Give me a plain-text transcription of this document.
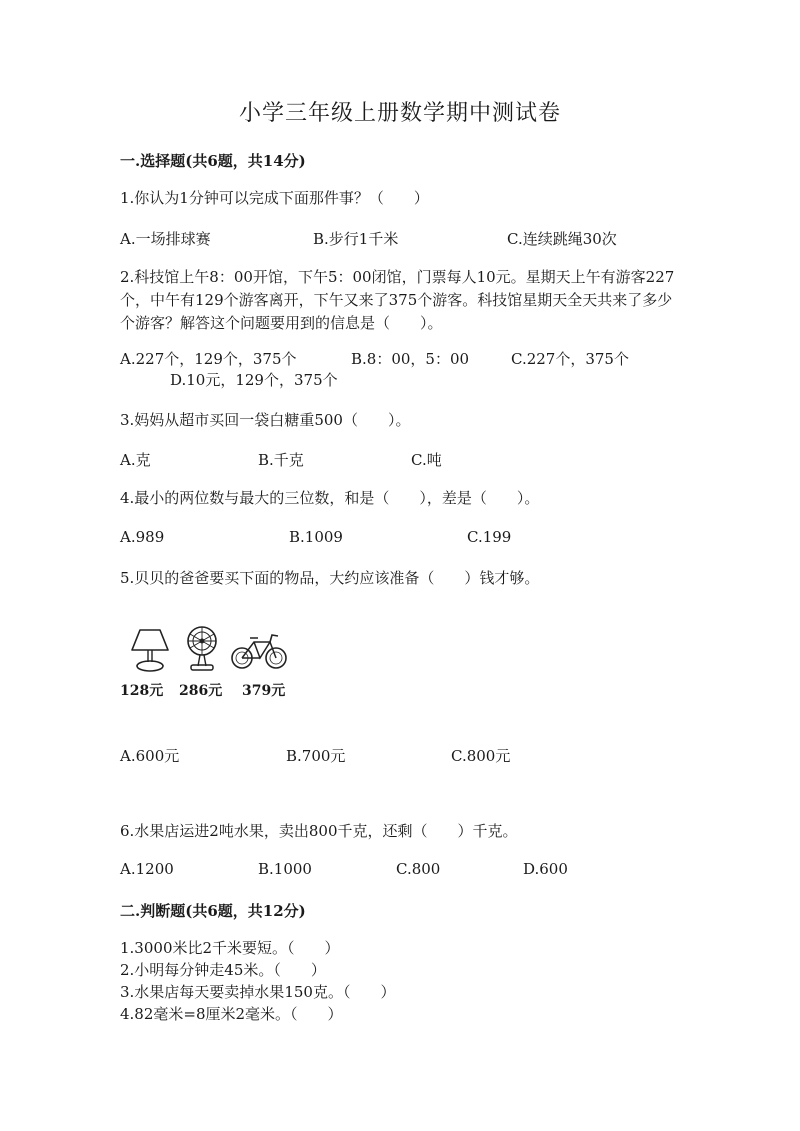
小学三年级上册数学期中测试卷
一.选择题(共6题，共14分)
1.你认为1分钟可以完成下面那件事？（　　）
A.一场排球赛	B.步行1千米	C.连续跳绳30次
2.科技馆上午8：00开馆，下午5：00闭馆，门票每人10元。星期天上午有游客227个，中午有129个游客离开，下午又来了375个游客。科技馆星期天全天共来了多少个游客？解答这个问题要用到的信息是（　　）。
A.227个，129个，375个	B.8：00，5：00	C.227个，375个
D.10元，129个，375个
3.妈妈从超市买回一袋白糖重500（　　）。
A.克	B.千克	C.吨
4.最小的两位数与最大的三位数，和是（　　），差是（　　）。
A.989	B.1009	C.199
5.贝贝的爸爸要买下面的物品，大约应该准备（　　）钱才够。
128元 286元 379元
A.600元	B.700元	C.800元
6.水果店运进2吨水果，卖出800千克，还剩（　　）千克。
A.1200	B.1000	C.800	D.600
二.判断题(共6题，共12分)
1.3000米比2千米要短。（　　）
2.小明每分钟走45米。（　　）
3.水果店每天要卖掉水果150克。（　　）
4.82毫米=8厘米2毫米。（　　）
